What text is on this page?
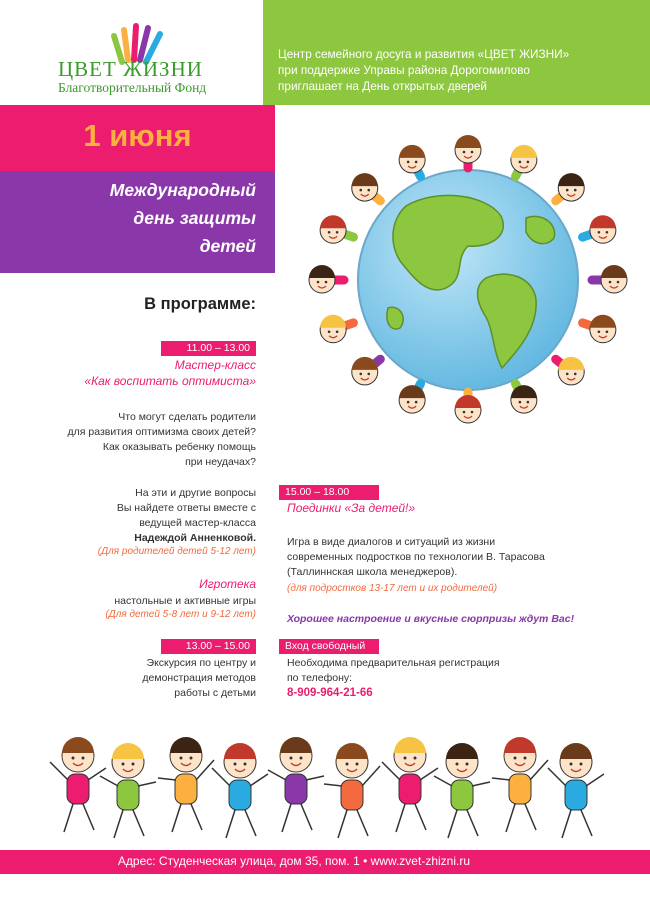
ЦВЕТ ЖИЗНИ
Благотворительный Фонд
Центр семейного досуга и развития «ЦВЕТ ЖИЗНИ»
при поддержке Управы района Дорогомилово
приглашает на День открытых дверей
1 июня
Международный
день защиты
детей
В программе:
11.00 – 13.00
Мастер-класс
«Как воспитать оптимиста»
Что могут сделать родители
для развития оптимизма своих детей?
Как оказывать ребенку помощь
при неудачах?
На эти и другие вопросы
Вы найдете ответы вместе с
ведущей мастер-класса
Надеждой Анненковой.
(Для родителей детей 5-12 лет)
Игротека
настольные и активные игры
(Для детей 5-8 лет и 9-12 лет)
15.00 – 18.00
Поединки «За детей!»
Игра в виде диалогов и ситуаций из жизни
современных подростков по технологии В. Тарасова
(Таллиннская школа менеджеров).
(для подростков 13-17 лет и их родителей)
Хорошее настроение и вкусные сюрпризы ждут Вас!
13.00 – 15.00
Экскурсия по центру и
демонстрация методов
работы с детьми
Вход свободный
Необходима предварительная регистрация
по телефону:
8-909-964-21-66
Адрес: Студенческая улица, дом 35, пом. 1 • www.zvet-zhizni.ru
